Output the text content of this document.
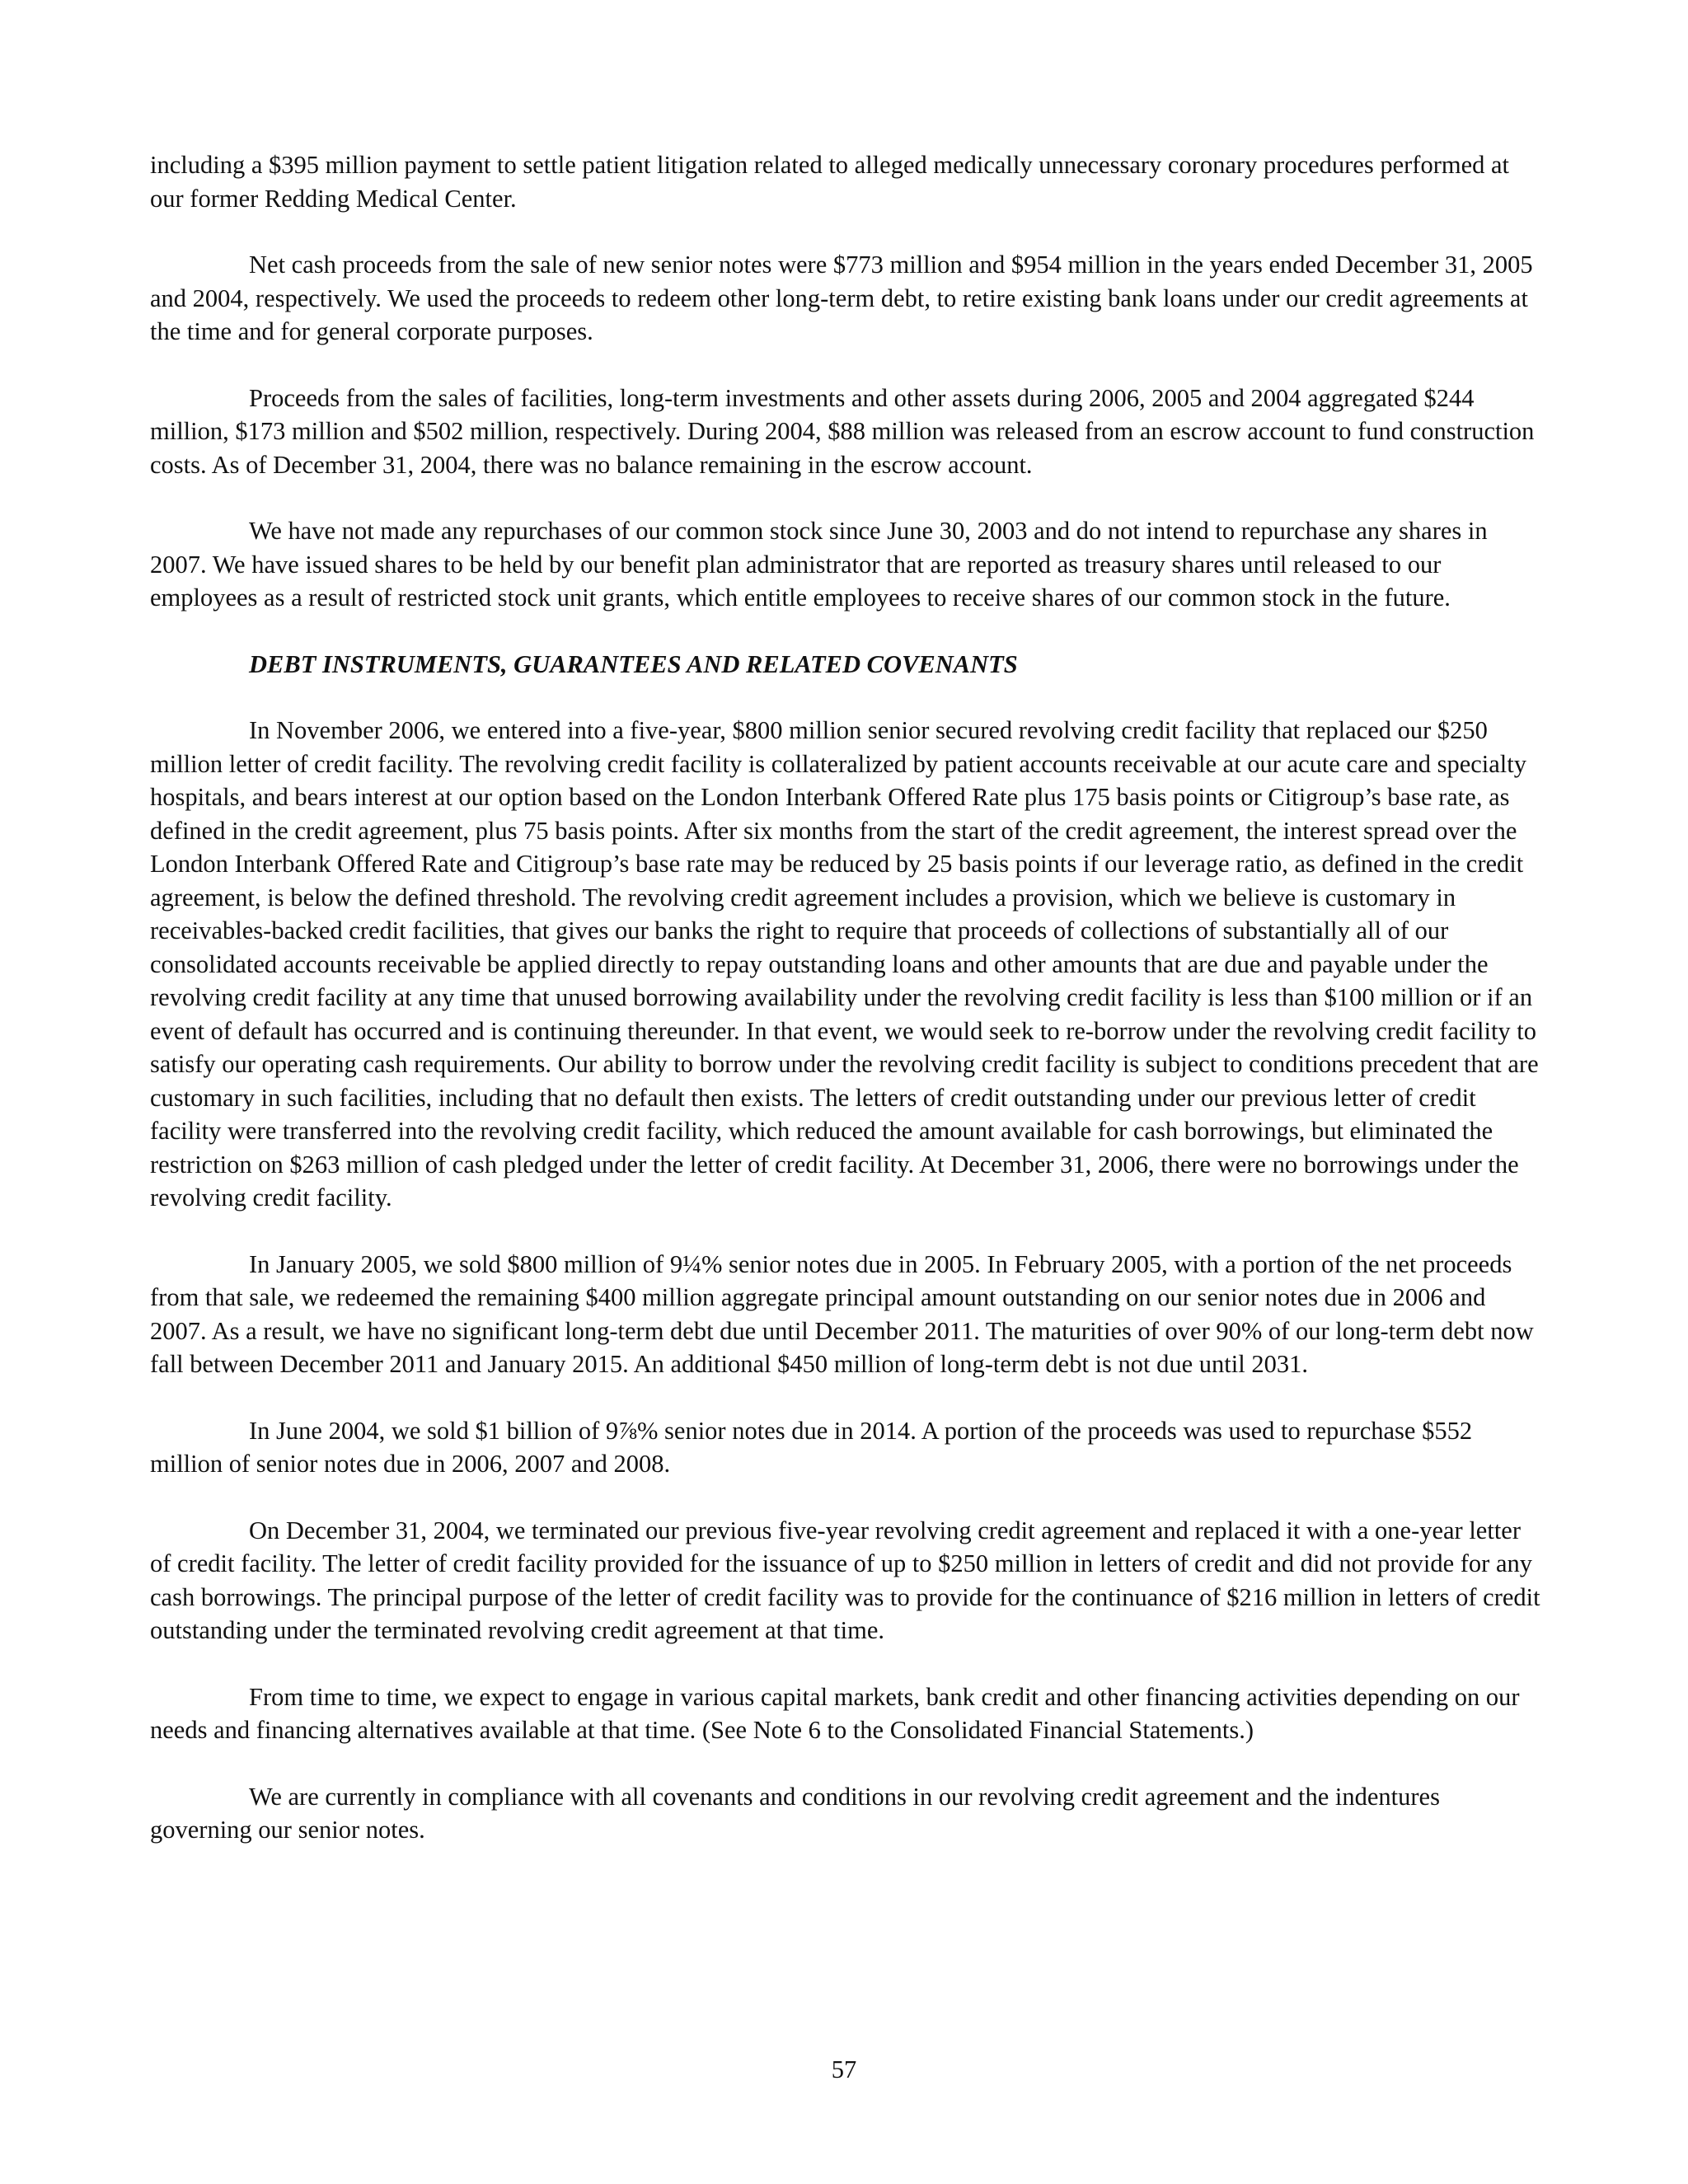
including a $395 million payment to settle patient litigation related to alleged medically unnecessary coronary procedures performed at our former Redding Medical Center.

Net cash proceeds from the sale of new senior notes were $773 million and $954 million in the years ended December 31, 2005 and 2004, respectively. We used the proceeds to redeem other long-term debt, to retire existing bank loans under our credit agreements at the time and for general corporate purposes.

Proceeds from the sales of facilities, long-term investments and other assets during 2006, 2005 and 2004 aggregated $244 million, $173 million and $502 million, respectively. During 2004, $88 million was released from an escrow account to fund construction costs. As of December 31, 2004, there was no balance remaining in the escrow account.

We have not made any repurchases of our common stock since June 30, 2003 and do not intend to repurchase any shares in 2007. We have issued shares to be held by our benefit plan administrator that are reported as treasury shares until released to our employees as a result of restricted stock unit grants, which entitle employees to receive shares of our common stock in the future.

DEBT INSTRUMENTS, GUARANTEES AND RELATED COVENANTS

In November 2006, we entered into a five-year, $800 million senior secured revolving credit facility that replaced our $250 million letter of credit facility. The revolving credit facility is collateralized by patient accounts receivable at our acute care and specialty hospitals, and bears interest at our option based on the London Interbank Offered Rate plus 175 basis points or Citigroup’s base rate, as defined in the credit agreement, plus 75 basis points. After six months from the start of the credit agreement, the interest spread over the London Interbank Offered Rate and Citigroup’s base rate may be reduced by 25 basis points if our leverage ratio, as defined in the credit agreement, is below the defined threshold. The revolving credit agreement includes a provision, which we believe is customary in receivables-backed credit facilities, that gives our banks the right to require that proceeds of collections of substantially all of our consolidated accounts receivable be applied directly to repay outstanding loans and other amounts that are due and payable under the revolving credit facility at any time that unused borrowing availability under the revolving credit facility is less than $100 million or if an event of default has occurred and is continuing thereunder. In that event, we would seek to re-borrow under the revolving credit facility to satisfy our operating cash requirements. Our ability to borrow under the revolving credit facility is subject to conditions precedent that are customary in such facilities, including that no default then exists. The letters of credit outstanding under our previous letter of credit facility were transferred into the revolving credit facility, which reduced the amount available for cash borrowings, but eliminated the restriction on $263 million of cash pledged under the letter of credit facility. At December 31, 2006, there were no borrowings under the revolving credit facility.

In January 2005, we sold $800 million of 9¼% senior notes due in 2005. In February 2005, with a portion of the net proceeds from that sale, we redeemed the remaining $400 million aggregate principal amount outstanding on our senior notes due in 2006 and 2007. As a result, we have no significant long-term debt due until December 2011. The maturities of over 90% of our long-term debt now fall between December 2011 and January 2015. An additional $450 million of long-term debt is not due until 2031.

In June 2004, we sold $1 billion of 9⅞% senior notes due in 2014. A portion of the proceeds was used to repurchase $552 million of senior notes due in 2006, 2007 and 2008.

On December 31, 2004, we terminated our previous five-year revolving credit agreement and replaced it with a one-year letter of credit facility. The letter of credit facility provided for the issuance of up to $250 million in letters of credit and did not provide for any cash borrowings. The principal purpose of the letter of credit facility was to provide for the continuance of $216 million in letters of credit outstanding under the terminated revolving credit agreement at that time.

From time to time, we expect to engage in various capital markets, bank credit and other financing activities depending on our needs and financing alternatives available at that time. (See Note 6 to the Consolidated Financial Statements.)

We are currently in compliance with all covenants and conditions in our revolving credit agreement and the indentures governing our senior notes.

57
